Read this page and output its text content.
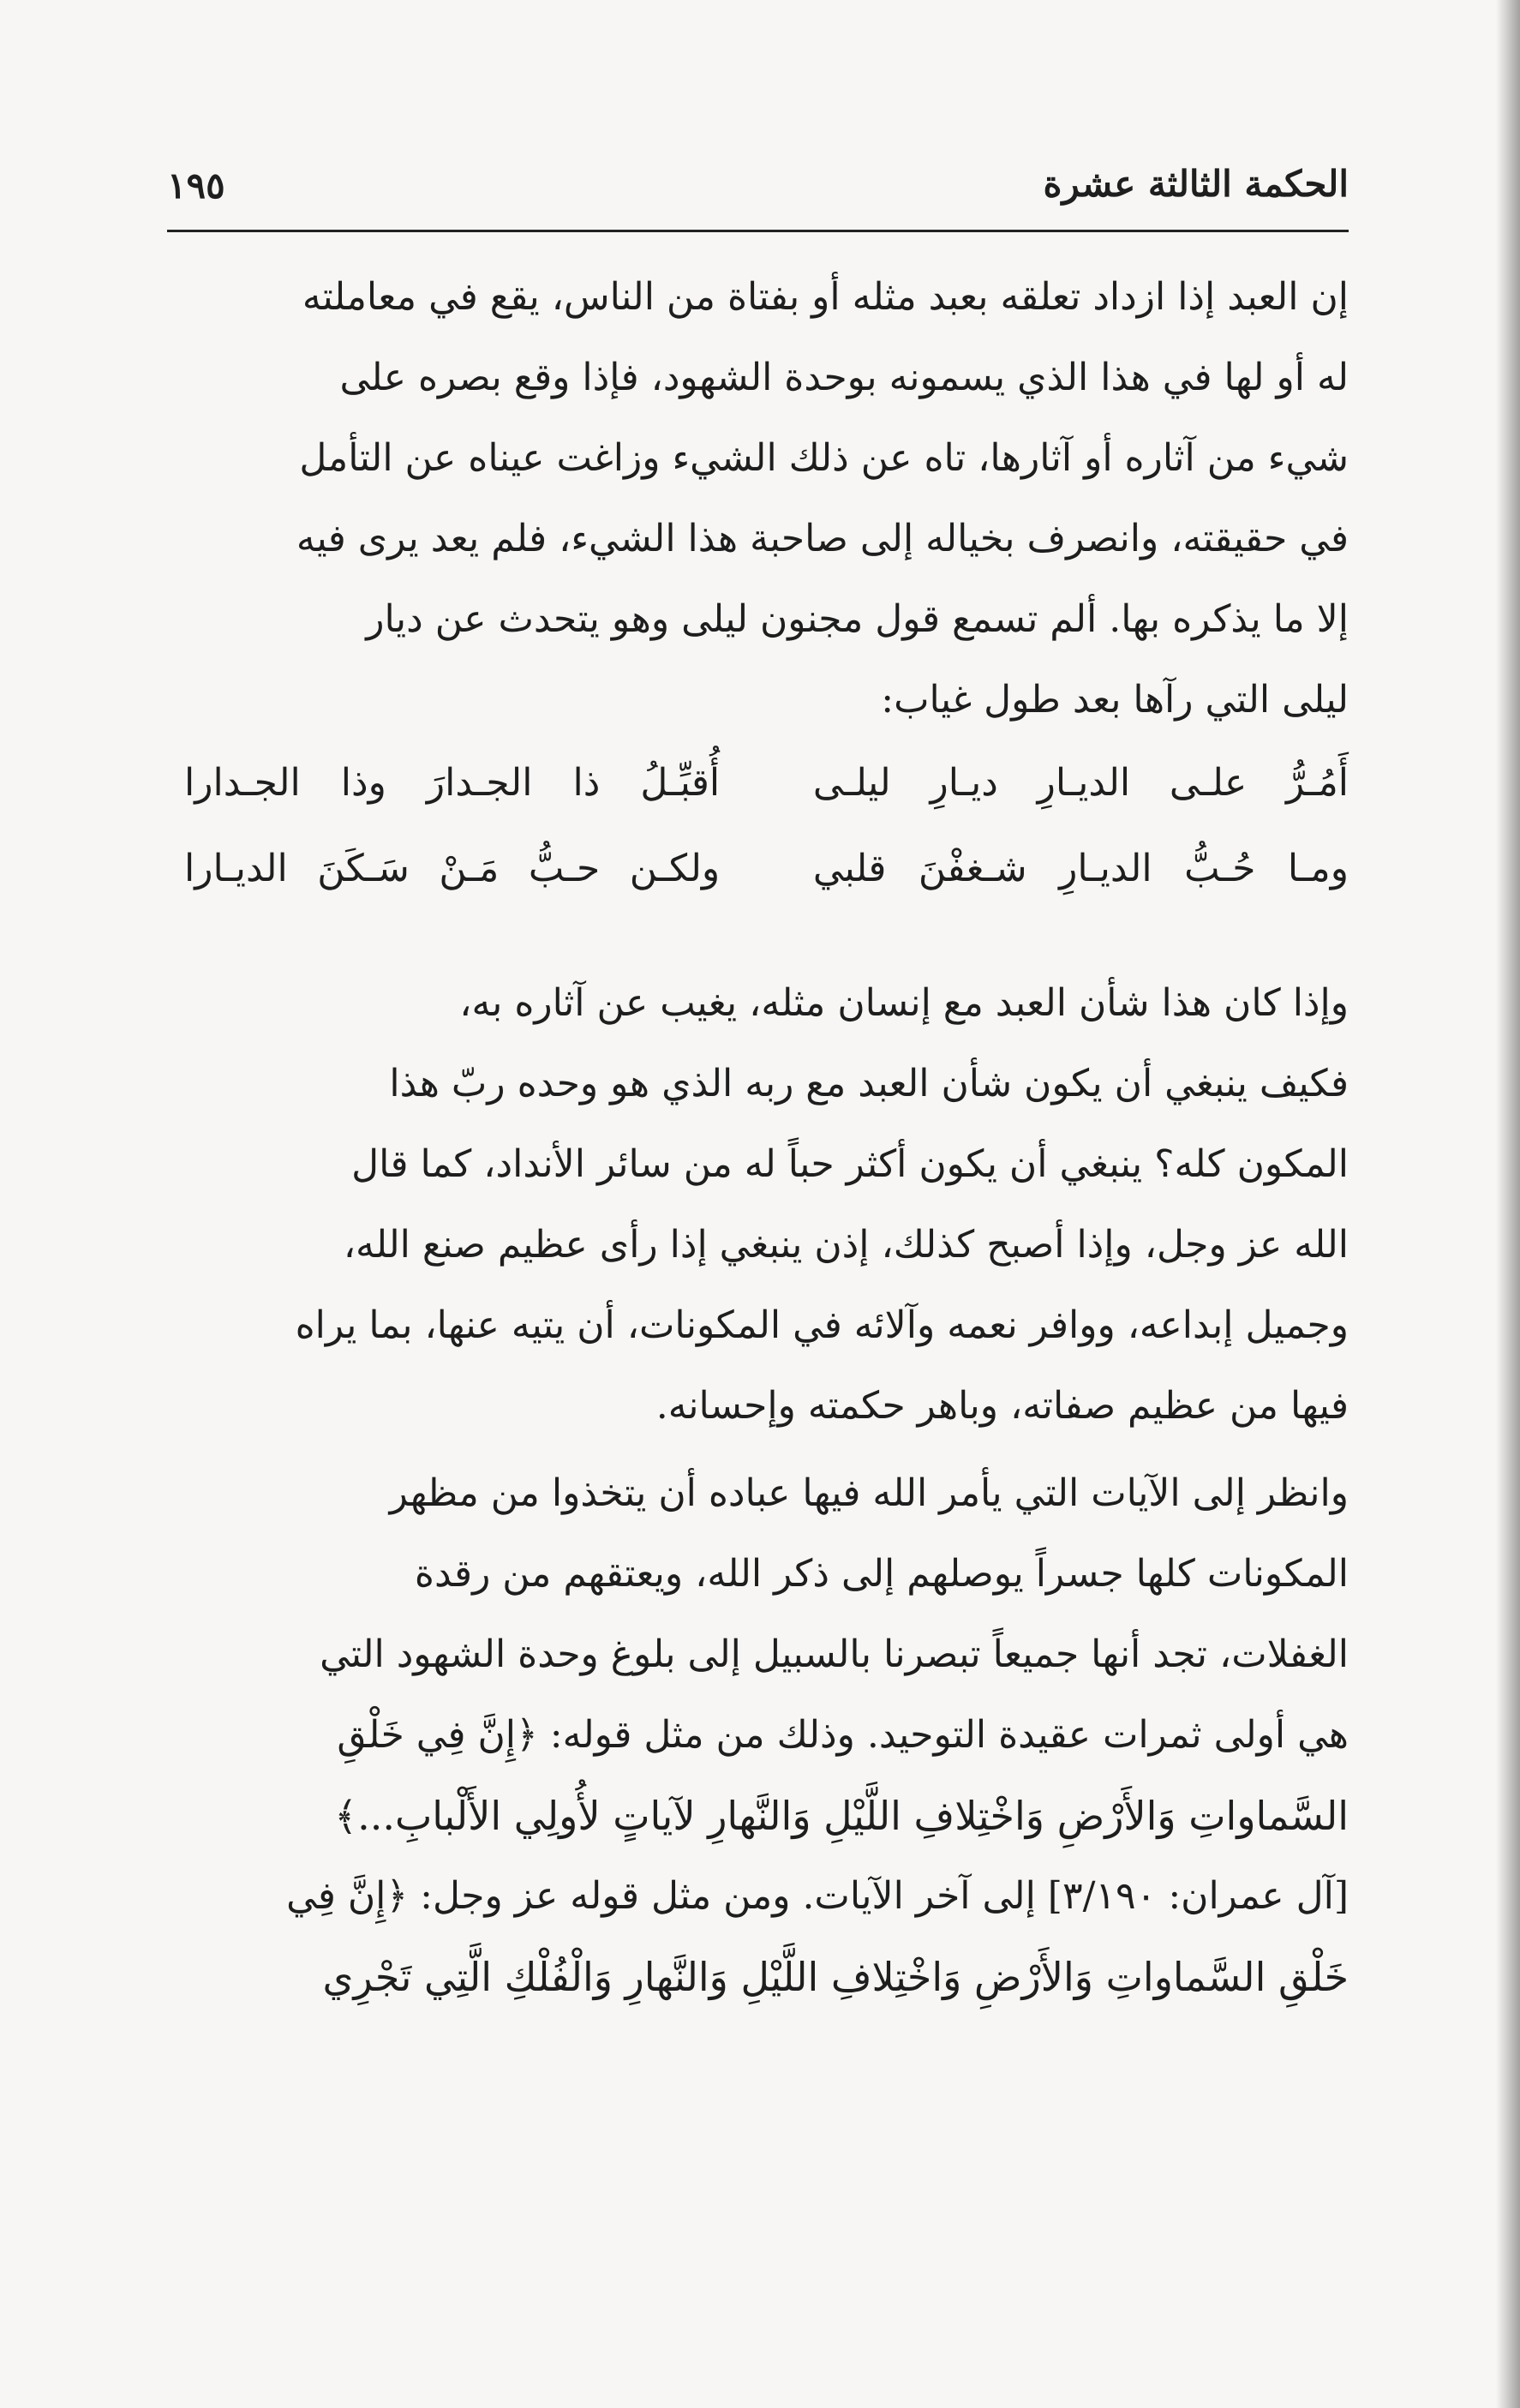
الحكمة الثالثة عشرة
١٩٥

إن العبد إذا ازداد تعلقه بعبد مثله أو بفتاة من الناس، يقع في معاملته

له أو لها في هذا الذي يسمونه بوحدة الشهود، فإذا وقع بصره على

شيء من آثاره أو آثارها، تاه عن ذلك الشيء وزاغت عيناه عن التأمل

في حقيقته، وانصرف بخياله إلى صاحبة هذا الشيء، فلم يعد يرى فيه

إلا ما يذكره بها. ألم تسمع قول مجنون ليلى وهو يتحدث عن ديار

ليلى التي رآها بعد طول غياب:

أَمُـرُّ علـى الديـارِ ديـارِ ليلـى
أُقبِّـلُ ذا الجـدارَ وذا الجـدارا
ومـا حُـبُّ الديـارِ شـغفْنَ قلبي
ولكـن حـبُّ مَـنْ سَـكَنَ الديـارا

وإذا كان هذا شأن العبد مع إنسان مثله، يغيب عن آثاره به،

فكيف ينبغي أن يكون شأن العبد مع ربه الذي هو وحده ربّ هذا

المكون كله؟ ينبغي أن يكون أكثر حباً له من سائر الأنداد، كما قال

الله عز وجل، وإذا أصبح كذلك، إذن ينبغي إذا رأى عظيم صنع الله،

وجميل إبداعه، ووافر نعمه وآلائه في المكونات، أن يتيه عنها، بما يراه

فيها من عظيم صفاته، وباهر حكمته وإحسانه.

وانظر إلى الآيات التي يأمر الله فيها عباده أن يتخذوا من مظهر

المكونات كلها جسراً يوصلهم إلى ذكر الله، ويعتقهم من رقدة

الغفلات، تجد أنها جميعاً تبصرنا بالسبيل إلى بلوغ وحدة الشهود التي

هي أولى ثمرات عقيدة التوحيد. وذلك من مثل قوله: ﴿إِنَّ فِي خَلْقِ

السَّماواتِ وَالأَرْضِ وَاخْتِلافِ اللَّيْلِ وَالنَّهارِ لآياتٍ لأُولِي الأَلْبابِ...﴾

[آل عمران: ٣/١٩٠] إلى آخر الآيات. ومن مثل قوله عز وجل: ﴿إِنَّ فِي

خَلْقِ السَّماواتِ وَالأَرْضِ وَاخْتِلافِ اللَّيْلِ وَالنَّهارِ وَالْفُلْكِ الَّتِي تَجْرِي
